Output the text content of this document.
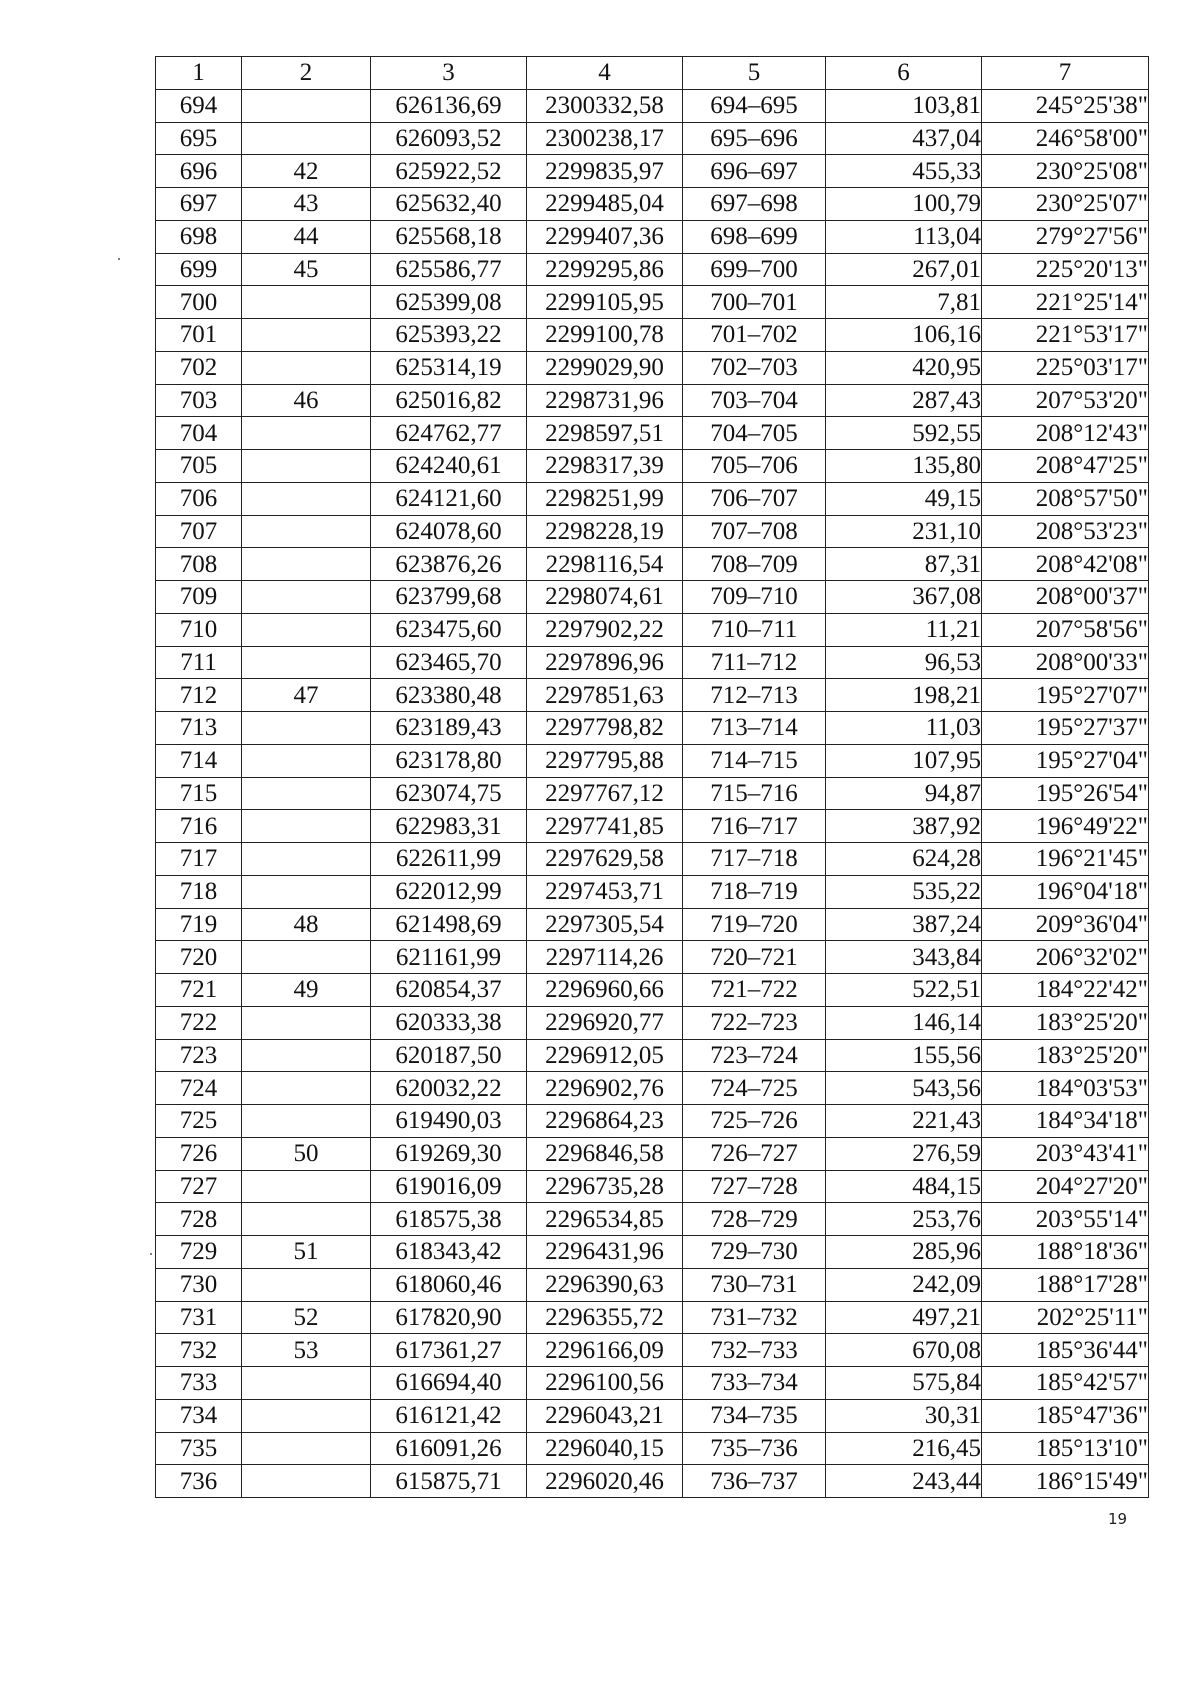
1	2	3	4	5	6	7
694		626136,69	2300332,58	694–695	103,81	245°25'38"
695		626093,52	2300238,17	695–696	437,04	246°58'00"
696	42	625922,52	2299835,97	696–697	455,33	230°25'08"
697	43	625632,40	2299485,04	697–698	100,79	230°25'07"
698	44	625568,18	2299407,36	698–699	113,04	279°27'56"
699	45	625586,77	2299295,86	699–700	267,01	225°20'13"
700		625399,08	2299105,95	700–701	7,81	221°25'14"
701		625393,22	2299100,78	701–702	106,16	221°53'17"
702		625314,19	2299029,90	702–703	420,95	225°03'17"
703	46	625016,82	2298731,96	703–704	287,43	207°53'20"
704		624762,77	2298597,51	704–705	592,55	208°12'43"
705		624240,61	2298317,39	705–706	135,80	208°47'25"
706		624121,60	2298251,99	706–707	49,15	208°57'50"
707		624078,60	2298228,19	707–708	231,10	208°53'23"
708		623876,26	2298116,54	708–709	87,31	208°42'08"
709		623799,68	2298074,61	709–710	367,08	208°00'37"
710		623475,60	2297902,22	710–711	11,21	207°58'56"
711		623465,70	2297896,96	711–712	96,53	208°00'33"
712	47	623380,48	2297851,63	712–713	198,21	195°27'07"
713		623189,43	2297798,82	713–714	11,03	195°27'37"
714		623178,80	2297795,88	714–715	107,95	195°27'04"
715		623074,75	2297767,12	715–716	94,87	195°26'54"
716		622983,31	2297741,85	716–717	387,92	196°49'22"
717		622611,99	2297629,58	717–718	624,28	196°21'45"
718		622012,99	2297453,71	718–719	535,22	196°04'18"
719	48	621498,69	2297305,54	719–720	387,24	209°36'04"
720		621161,99	2297114,26	720–721	343,84	206°32'02"
721	49	620854,37	2296960,66	721–722	522,51	184°22'42"
722		620333,38	2296920,77	722–723	146,14	183°25'20"
723		620187,50	2296912,05	723–724	155,56	183°25'20"
724		620032,22	2296902,76	724–725	543,56	184°03'53"
725		619490,03	2296864,23	725–726	221,43	184°34'18"
726	50	619269,30	2296846,58	726–727	276,59	203°43'41"
727		619016,09	2296735,28	727–728	484,15	204°27'20"
728		618575,38	2296534,85	728–729	253,76	203°55'14"
729	51	618343,42	2296431,96	729–730	285,96	188°18'36"
730		618060,46	2296390,63	730–731	242,09	188°17'28"
731	52	617820,90	2296355,72	731–732	497,21	202°25'11"
732	53	617361,27	2296166,09	732–733	670,08	185°36'44"
733		616694,40	2296100,56	733–734	575,84	185°42'57"
734		616121,42	2296043,21	734–735	30,31	185°47'36"
735		616091,26	2296040,15	735–736	216,45	185°13'10"
736		615875,71	2296020,46	736–737	243,44	186°15'49"
19
